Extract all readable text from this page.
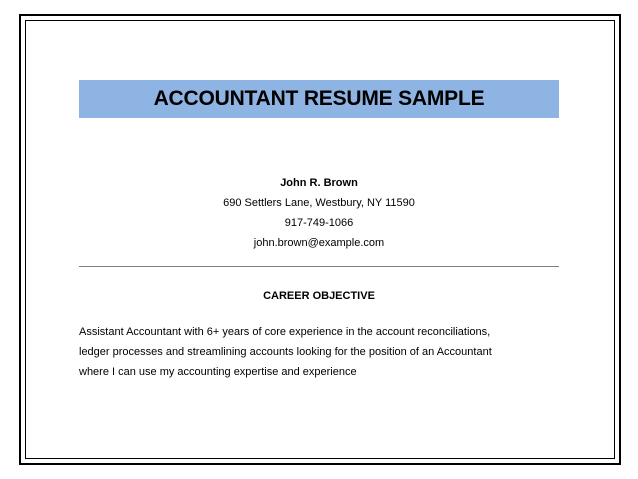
ACCOUNTANT RESUME SAMPLE
John R. Brown
690 Settlers Lane, Westbury, NY 11590
917-749-1066
john.brown@example.com
CAREER OBJECTIVE
Assistant Accountant with 6+ years of core experience in the account reconciliations,
ledger processes and streamlining accounts looking for the position of an Accountant
where I can use my accounting expertise and experience
